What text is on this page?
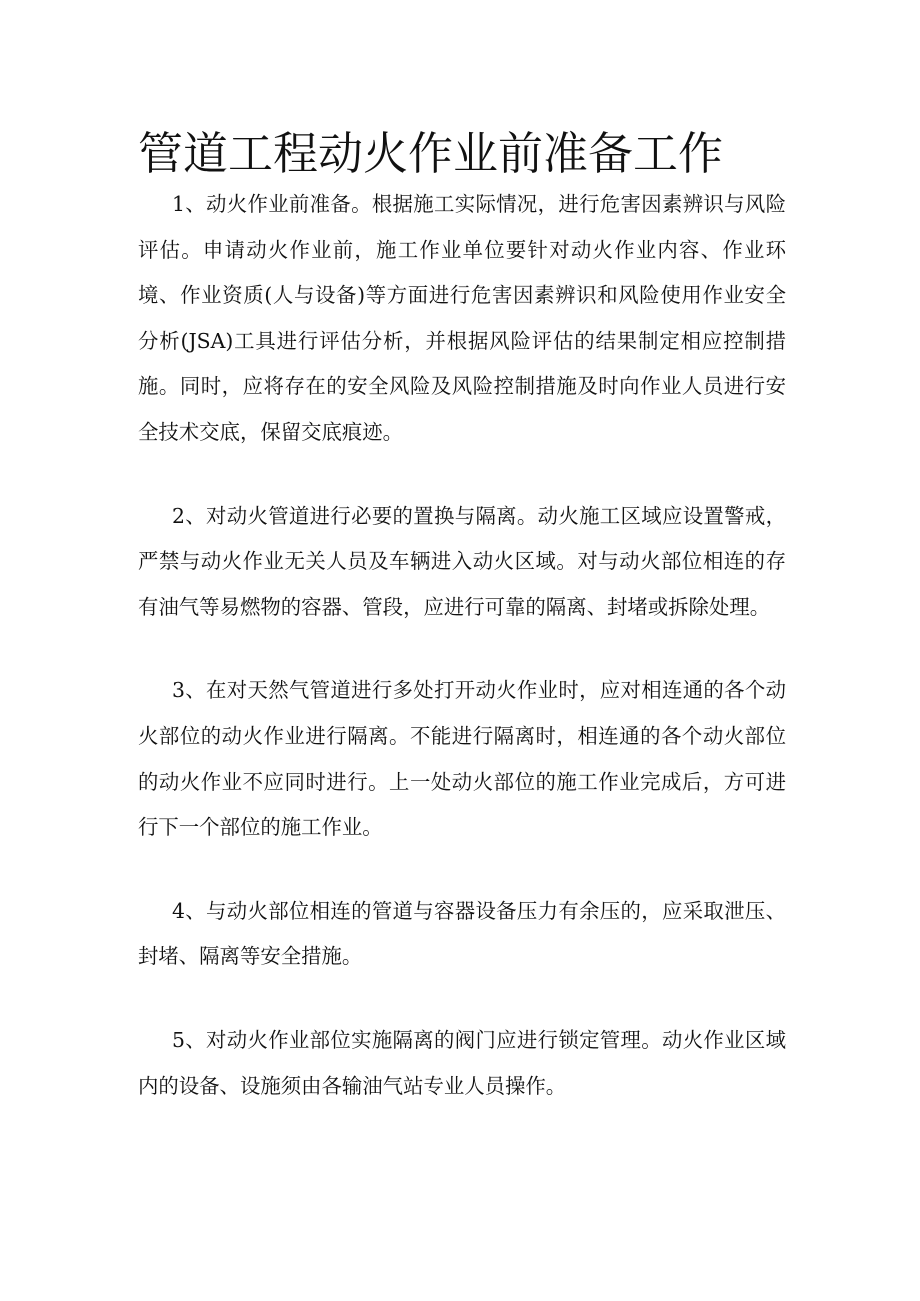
管道工程动火作业前准备工作

1、动火作业前准备。根据施工实际情况，进行危害因素辨识与风险评估。申请动火作业前，施工作业单位要针对动火作业内容、作业环境、作业资质(人与设备)等方面进行危害因素辨识和风险使用作业安全分析(JSA)工具进行评估分析，并根据风险评估的结果制定相应控制措施。同时，应将存在的安全风险及风险控制措施及时向作业人员进行安全技术交底，保留交底痕迹。

2、对动火管道进行必要的置换与隔离。动火施工区域应设置警戒，严禁与动火作业无关人员及车辆进入动火区域。对与动火部位相连的存有油气等易燃物的容器、管段，应进行可靠的隔离、封堵或拆除处理。

3、在对天然气管道进行多处打开动火作业时，应对相连通的各个动火部位的动火作业进行隔离。不能进行隔离时，相连通的各个动火部位的动火作业不应同时进行。上一处动火部位的施工作业完成后，方可进行下一个部位的施工作业。

4、与动火部位相连的管道与容器设备压力有余压的，应采取泄压、封堵、隔离等安全措施。

5、对动火作业部位实施隔离的阀门应进行锁定管理。动火作业区域内的设备、设施须由各输油气站专业人员操作。
